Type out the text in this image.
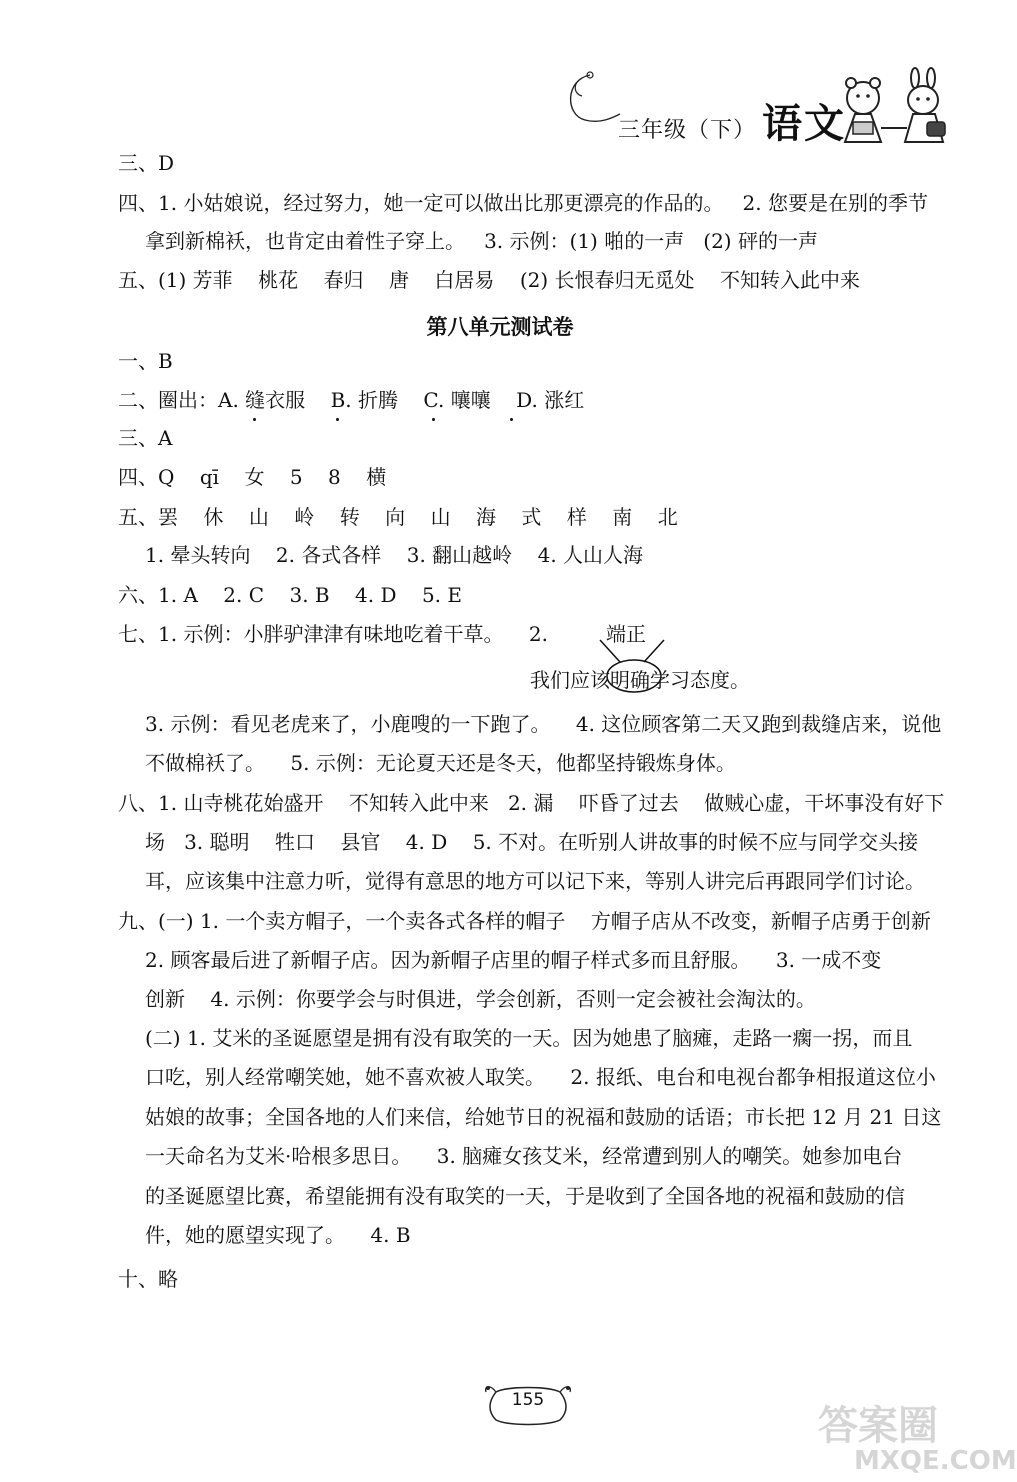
三年级（下） 语文
三、D
四、1. 小姑娘说，经过努力，她一定可以做出比那更漂亮的作品的。   2. 您要是在别的季节
拿到新棉袄，也肯定由着性子穿上。   3. 示例：(1) 啪的一声   (2) 砰的一声
五、(1) 芳菲    桃花    春归    唐    白居易    (2) 长恨春归无觅处    不知转入此中来
第八单元测试卷
一、B
二、圈出：A. 缝衣服    B. 折腾    C. 嚷嚷    D. 涨红
三、A
四、Q    qī    女    5    8    横
五、罢    休    山    岭    转    向    山    海    式    样    南    北
1. 晕头转向    2. 各式各样    3. 翻山越岭    4. 人山人海
六、1. A    2. C    3. B    4. D    5. E
七、1. 示例：小胖驴津津有味地吃着干草。    2.	端正
我们应该明确学习态度。
3. 示例：看见老虎来了，小鹿嗖的一下跑了。    4. 这位顾客第二天又跑到裁缝店来，说他
不做棉袄了。    5. 示例：无论夏天还是冬天，他都坚持锻炼身体。
八、1. 山寺桃花始盛开    不知转入此中来   2. 漏    吓昏了过去    做贼心虚，干坏事没有好下
场   3. 聪明    牲口    县官    4. D    5. 不对。在听别人讲故事的时候不应与同学交头接
耳，应该集中注意力听，觉得有意思的地方可以记下来，等别人讲完后再跟同学们讨论。
九、(一) 1. 一个卖方帽子，一个卖各式各样的帽子    方帽子店从不改变，新帽子店勇于创新
2. 顾客最后进了新帽子店。因为新帽子店里的帽子样式多而且舒服。    3. 一成不变
创新    4. 示例：你要学会与时俱进，学会创新，否则一定会被社会淘汰的。
(二) 1. 艾米的圣诞愿望是拥有没有取笑的一天。因为她患了脑瘫，走路一瘸一拐，而且
口吃，别人经常嘲笑她，她不喜欢被人取笑。    2. 报纸、电台和电视台都争相报道这位小
姑娘的故事；全国各地的人们来信，给她节日的祝福和鼓励的话语；市长把 12 月 21 日这
一天命名为艾米·哈根多思日。    3. 脑瘫女孩艾米，经常遭到别人的嘲笑。她参加电台
的圣诞愿望比赛，希望能拥有没有取笑的一天，于是收到了全国各地的祝福和鼓励的信
件，她的愿望实现了。    4. B
十、略
155
答案圈
MXQE.COM
